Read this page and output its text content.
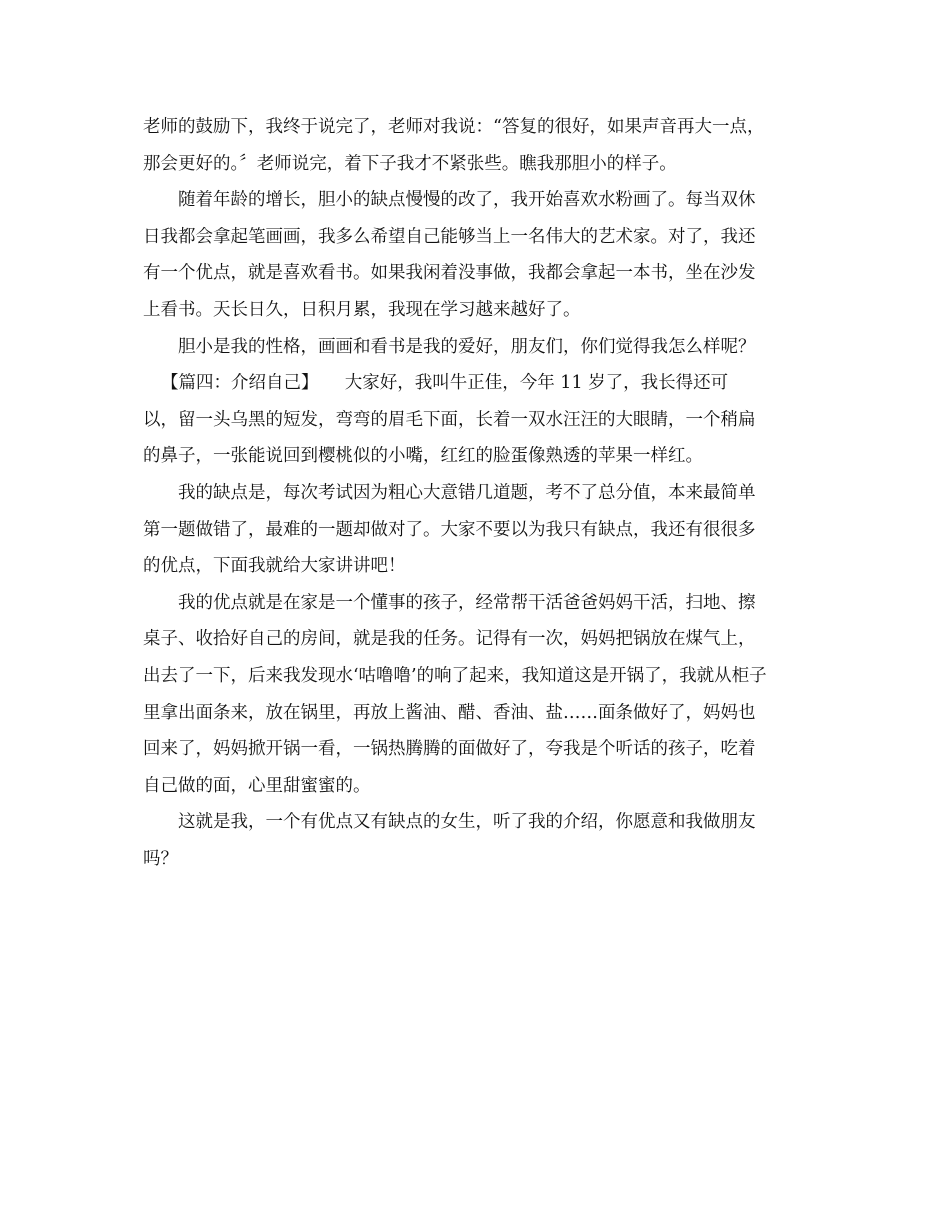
老师的鼓励下，我终于说完了，老师对我说：“答复的很好，如果声音再大一点，
那会更好的。〞老师说完，着下子我才不紧张些。瞧我那胆小的样子。
随着年龄的增长，胆小的缺点慢慢的改了，我开始喜欢水粉画了。每当双休
日我都会拿起笔画画，我多么希望自己能够当上一名伟大的艺术家。对了，我还
有一个优点，就是喜欢看书。如果我闲着没事做，我都会拿起一本书，坐在沙发
上看书。天长日久，日积月累，我现在学习越来越好了。
胆小是我的性格，画画和看书是我的爱好，朋友们，你们觉得我怎么样呢？
【篇四：介绍自己】　　大家好，我叫牛正佳，今年 11 岁了，我长得还可
以，留一头乌黑的短发，弯弯的眉毛下面，长着一双水汪汪的大眼睛，一个稍扁
的鼻子，一张能说回到樱桃似的小嘴，红红的脸蛋像熟透的苹果一样红。
我的缺点是，每次考试因为粗心大意错几道题，考不了总分值，本来最简单
第一题做错了，最难的一题却做对了。大家不要以为我只有缺点，我还有很很多
的优点，下面我就给大家讲讲吧！
我的优点就是在家是一个懂事的孩子，经常帮干活爸爸妈妈干活，扫地、擦
桌子、收拾好自己的房间，就是我的任务。记得有一次，妈妈把锅放在煤气上，
出去了一下，后来我发现水‘咕噜噜’的响了起来，我知道这是开锅了，我就从柜子
里拿出面条来，放在锅里，再放上酱油、醋、香油、盐……面条做好了，妈妈也
回来了，妈妈掀开锅一看，一锅热腾腾的面做好了，夸我是个听话的孩子，吃着
自己做的面，心里甜蜜蜜的。
这就是我，一个有优点又有缺点的女生，听了我的介绍，你愿意和我做朋友
吗？
